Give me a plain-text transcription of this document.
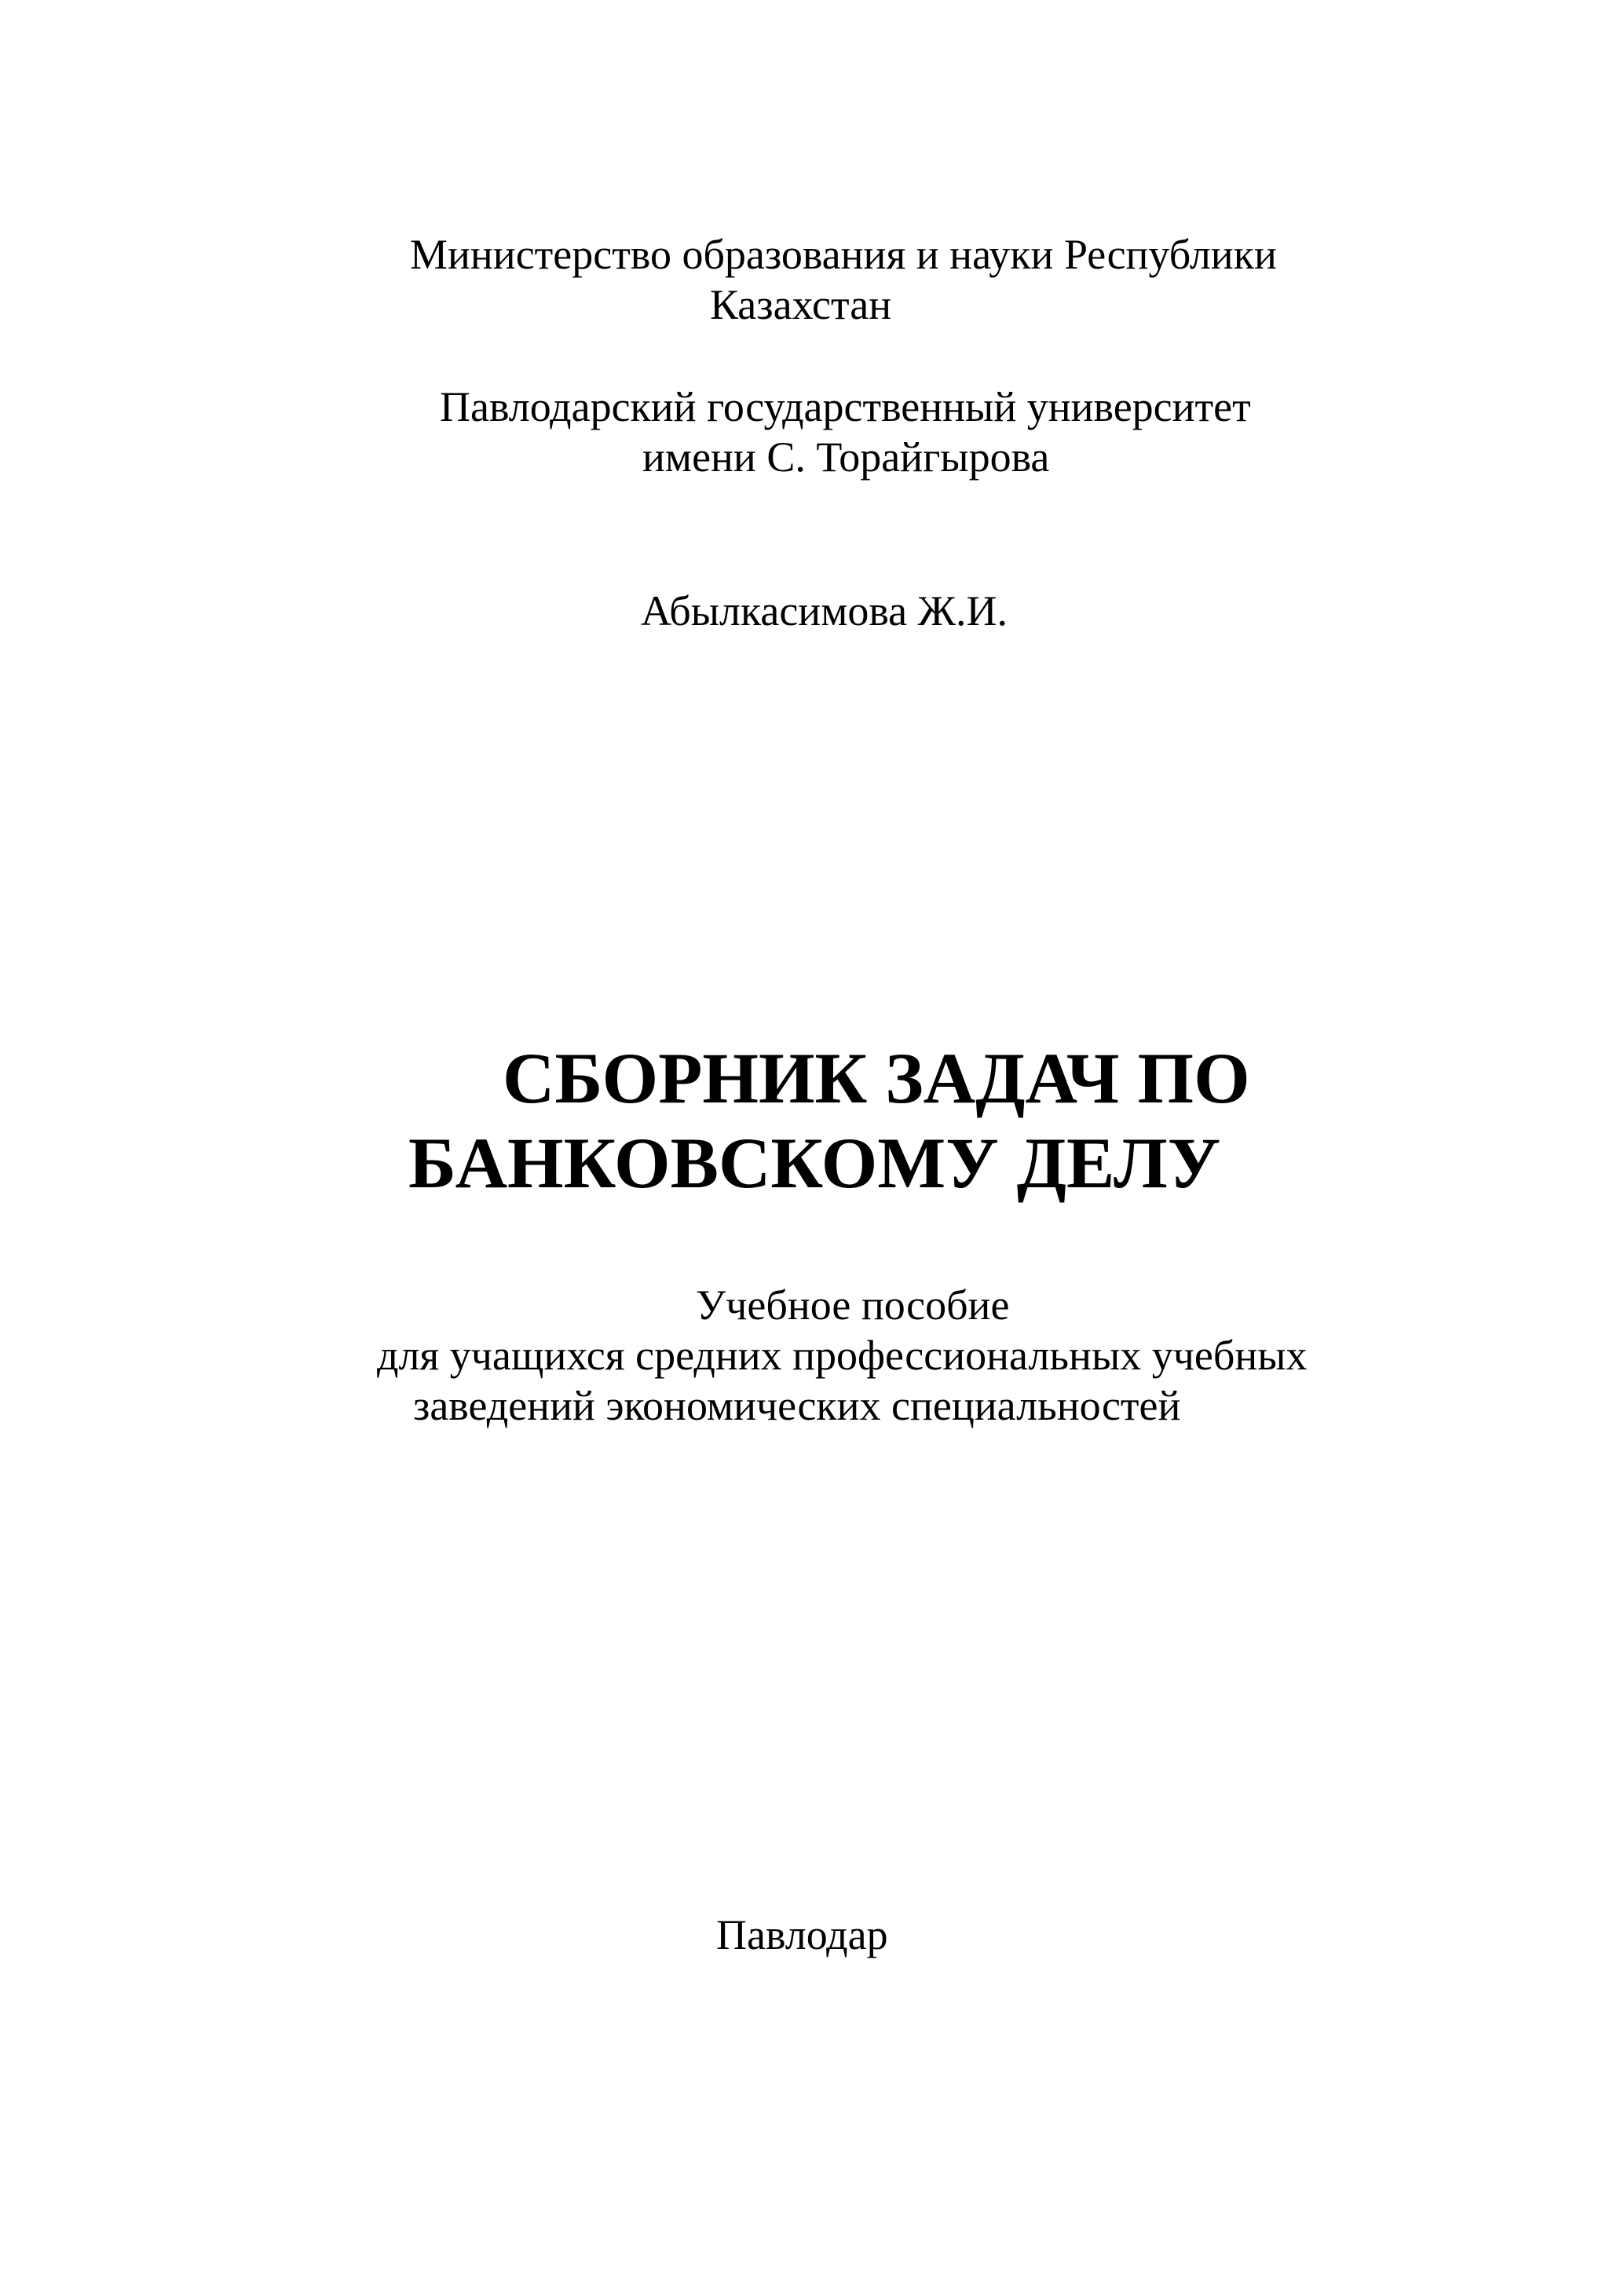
Министерство образования и науки Республики
Казахстан
Павлодарский государственный университет
имени С. Торайгырова
Абылкасимова Ж.И.
СБОРНИК ЗАДАЧ ПО
БАНКОВСКОМУ ДЕЛУ
Учебное пособие
для учащихся средних профессиональных учебных
заведений экономических специальностей
Павлодар
